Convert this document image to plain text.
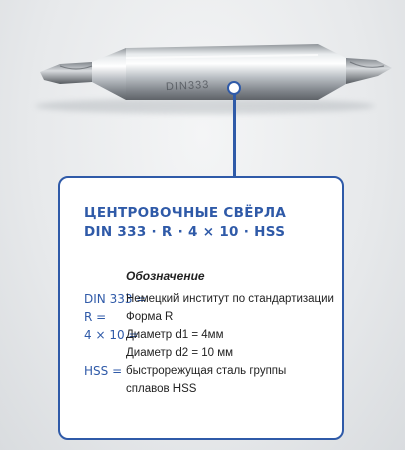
DIN333
ЦЕНТРОВОЧНЫЕ СВЁРЛА
DIN 333 · R · 4 × 10 · HSS
Обозначение
DIN 333 =
Немецкий институт по стандартизации
R = Форма R
4 × 10 =
Диаметр d1 = 4мм
Диаметр d2 = 10 мм
HSS = быстрорежущая сталь группы
сплавов HSS
